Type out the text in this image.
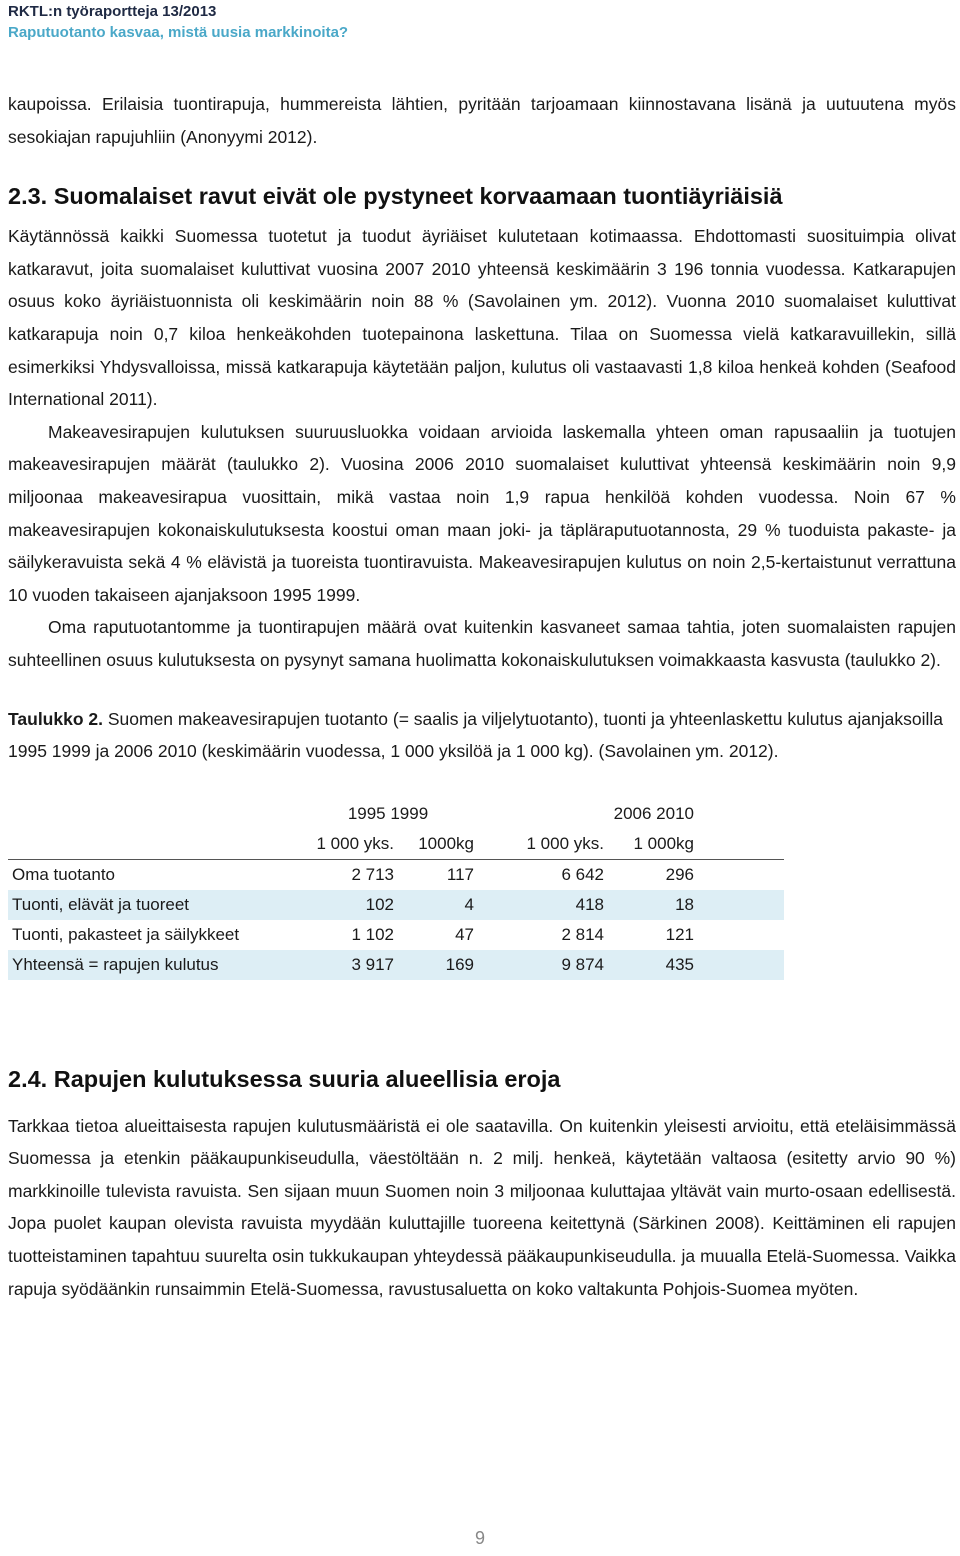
RKTL:n työraportteja 13/2013
Raputuotanto kasvaa, mistä uusia markkinoita?

kaupoissa. Erilaisia tuontirapuja, hummereista lähtien, pyritään tarjoamaan kiinnostavana lisänä ja uutuutena myös sesokiajan rapujuhliin (Anonyymi 2012).

2.3. Suomalaiset ravut eivät ole pystyneet korvaamaan tuontiäyriäisiä

Käytännössä kaikki Suomessa tuotetut ja tuodut äyriäiset kulutetaan kotimaassa. Ehdottomasti suosituimpia olivat katkaravut, joita suomalaiset kuluttivat vuosina 2007 2010 yhteensä keskimäärin 3 196 tonnia vuodessa. Katkarapujen osuus koko äyriäistuonnista oli keskimäärin noin 88 % (Savolainen ym. 2012). Vuonna 2010 suomalaiset kuluttivat katkarapuja noin 0,7 kiloa henkeäkohden tuotepainona laskettuna. Tilaa on Suomessa vielä katkaravuillekin, sillä esimerkiksi Yhdysvalloissa, missä katkarapuja käytetään paljon, kulutus oli vastaavasti 1,8 kiloa henkeä kohden (Seafood International 2011).

Makeavesirapujen kulutuksen suuruusluokka voidaan arvioida laskemalla yhteen oman rapusaaliin ja tuotujen makeavesirapujen määrät (taulukko 2). Vuosina 2006 2010 suomalaiset kuluttivat yhteensä keskimäärin noin 9,9 miljoonaa makeavesirapua vuosittain, mikä vastaa noin 1,9 rapua henkilöä kohden vuodessa. Noin 67 % makeavesirapujen kokonaiskulutuksesta koostui oman maan joki- ja täpläraputuotannosta, 29 % tuoduista pakaste- ja säilykeravuista sekä 4 % elävistä ja tuoreista tuontiravuista. Makeavesirapujen kulutus on noin 2,5-kertaistunut verrattuna 10 vuoden takaiseen ajanjaksoon 1995 1999.

Oma raputuotantomme ja tuontirapujen määrä ovat kuitenkin kasvaneet samaa tahtia, joten suomalaisten rapujen suhteellinen osuus kulutuksesta on pysynyt samana huolimatta kokonaiskulutuksen voimakkaasta kasvusta (taulukko 2).

Taulukko 2. Suomen makeavesirapujen tuotanto (= saalis ja viljelytuotanto), tuonti ja yhteenlaskettu kulutus ajanjaksoilla 1995 1999 ja 2006 2010 (keskimäärin vuodessa, 1 000 yksilöä ja 1 000 kg). (Savolainen ym. 2012).

	1995 1999		2006 2010		
	1 000 yks.	1000kg	1 000 yks.	1 000kg	
Oma tuotanto	2 713	117	6 642	296	
Tuonti, elävät ja tuoreet	102	4	418	18	
Tuonti, pakasteet ja säilykkeet	1 102	47	2 814	121	
Yhteensä = rapujen kulutus	3 917	169	9 874	435	
2.4. Rapujen kulutuksessa suuria alueellisia eroja

Tarkkaa tietoa alueittaisesta rapujen kulutusmääristä ei ole saatavilla. On kuitenkin yleisesti arvioitu, että eteläisimmässä Suomessa ja etenkin pääkaupunkiseudulla, väestöltään n. 2 milj. henkeä, käytetään valtaosa (esitetty arvio 90 %) markkinoille tulevista ravuista. Sen sijaan muun Suomen noin 3 miljoonaa kuluttajaa yltävät vain murto-osaan edellisestä. Jopa puolet kaupan olevista ravuista myydään kuluttajille tuoreena keitettynä (Särkinen 2008). Keittäminen eli rapujen tuotteistaminen tapahtuu suurelta osin tukkukaupan yhteydessä pääkaupunkiseudulla. ja muualla Etelä-Suomessa. Vaikka rapuja syödäänkin runsaimmin Etelä-Suomessa, ravustusaluetta on koko valtakunta Pohjois-Suomea myöten.

9
